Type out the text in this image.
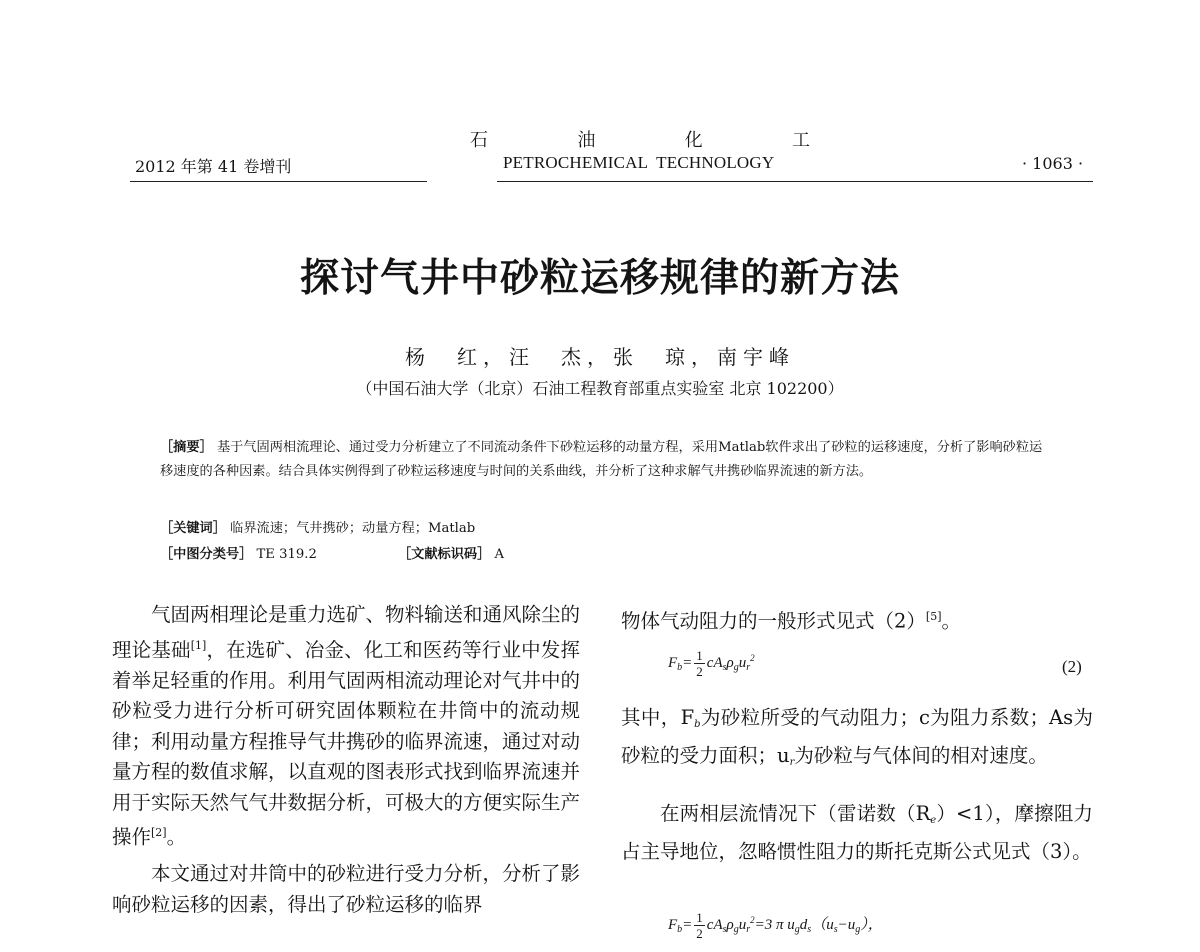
石	油	化	工
PETROCHEMICAL  TECHNOLOGY
2012 年第 41 卷增刊	· 1063 ·
探讨气井中砂粒运移规律的新方法
杨　红，汪　杰，张　琼，南宇峰
（中国石油大学（北京）石油工程教育部重点实验室 北京 102200）
［摘要］ 基于气固两相流理论、通过受力分析建立了不同流动条件下砂粒运移的动量方程，采用Matlab软件求出了砂粒的运移速度，分析了影响砂粒运移速度的各种因素。结合具体实例得到了砂粒运移速度与时间的关系曲线，并分析了这种求解气井携砂临界流速的新方法。
［关键词］ 临界流速；气井携砂；动量方程；Matlab
［中图分类号］ TE 319.2	［文献标识码］ A

气固两相理论是重力选矿、物料输送和通风除尘的理论基础[1]，在选矿、冶金、化工和医药等行业中发挥着举足轻重的作用。利用气固两相流动理论对气井中的砂粒受力进行分析可研究固体颗粒在井筒中的流动规律；利用动量方程推导气井携砂的临界流速，通过对动量方程的数值求解，以直观的图表形式找到临界流速并用于实际天然气气井数据分析，可极大的方便实际生产操作[2]。

本文通过对井筒中的砂粒进行受力分析，分析了影响砂粒运移的因素，得出了砂粒运移的临界

物体气动阻力的一般形式见式（2）[5]。
$F_b= \frac{1}{2} cA_s\rho_gu_r^2$	(2)

其中，$F_b$为砂粒所受的气动阻力；c为阻力系数；As为砂粒的受力面积；$u_r$为砂粒与气体间的相对速度。

在两相层流情况下（雷诺数$(R_e)<1$），摩擦阻力占主导地位，忽略惯性阻力的斯托克斯公式见式（3）。

$F_b= \frac{1}{2} cA_s\rho_gu_r^2=3$ π $u_gd_s(u_s-u_g)$，
